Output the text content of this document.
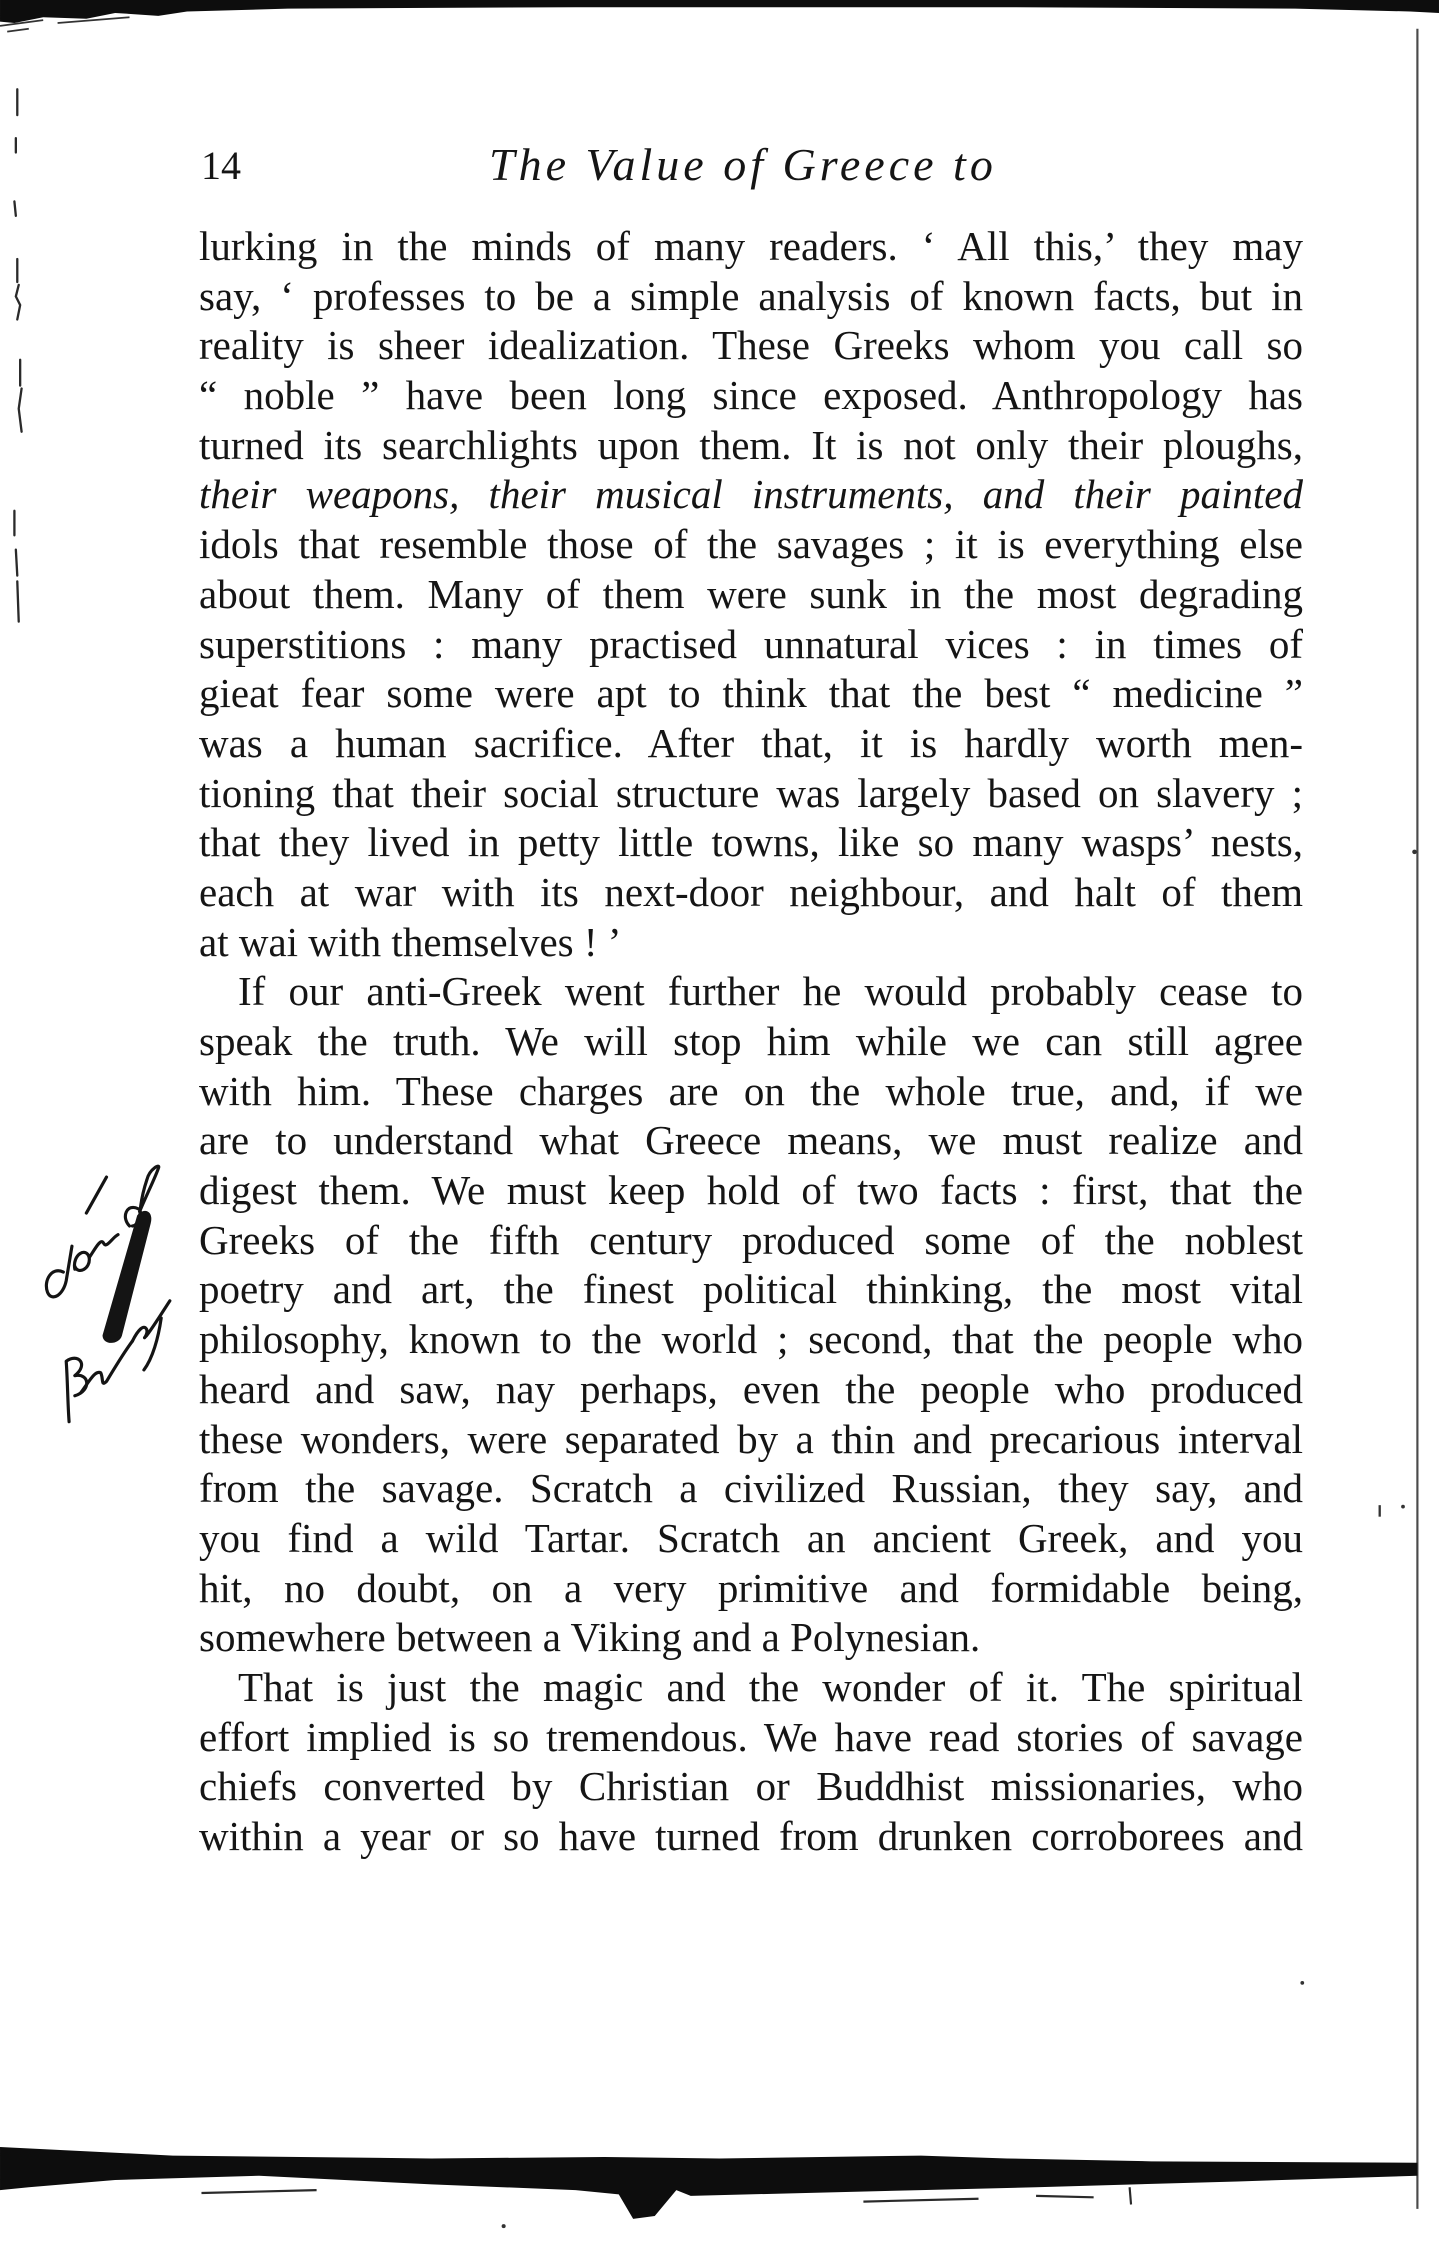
14	The Value of Greece to
lurking in the minds of many readers. ‘ All this,’ they may
say, ‘ professes to be a simple analysis of known facts, but in
reality is sheer idealization. These Greeks whom you call so
“ noble ” have been long since exposed. Anthropology has
turned its searchlights upon them. It is not only their ploughs,
their weapons, their musical instruments, and their painted
idols that resemble those of the savages ; it is everything else
about them. Many of them were sunk in the most degrading
superstitions : many practised unnatural vices : in times of
gieat fear some were apt to think that the best “ medicine ”
was a human sacrifice. After that, it is hardly worth men-
tioning that their social structure was largely based on slavery ;
that they lived in petty little towns, like so many wasps’ nests,
each at war with its next-door neighbour, and halt of them
at wai with themselves ! ’
If our anti-Greek went further he would probably cease to
speak the truth. We will stop him while we can still agree
with him. These charges are on the whole true, and, if we
are to understand what Greece means, we must realize and
digest them. We must keep hold of two facts : first, that the
Greeks of the fifth century produced some of the noblest
poetry and art, the finest political thinking, the most vital
philosophy, known to the world ; second, that the people who
heard and saw, nay perhaps, even the people who produced
these wonders, were separated by a thin and precarious interval
from the savage. Scratch a civilized Russian, they say, and
you find a wild Tartar. Scratch an ancient Greek, and you
hit, no doubt, on a very primitive and formidable being,
somewhere between a Viking and a Polynesian.
That is just the magic and the wonder of it. The spiritual
effort implied is so tremendous. We have read stories of savage
chiefs converted by Christian or Buddhist missionaries, who
within a year or so have turned from drunken corroborees and
